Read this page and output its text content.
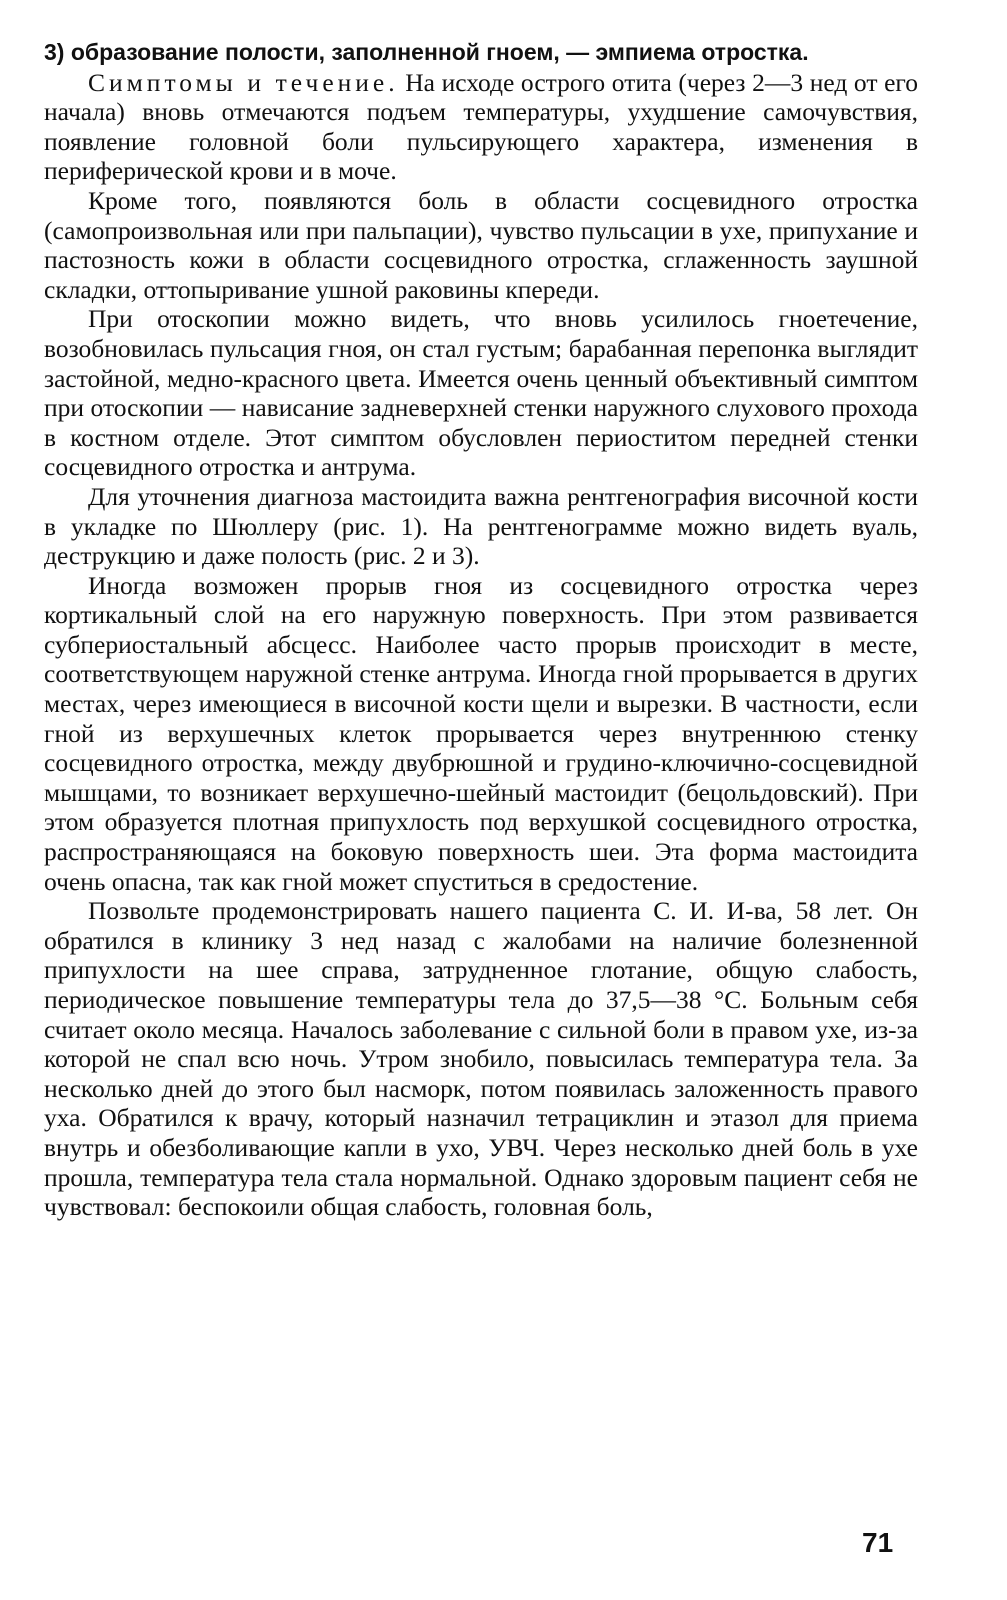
3) образование полости, заполненной гноем, — эмпиема отростка.

Симптомы и течение. На исходе острого отита (через 2—3 нед от его начала) вновь отмечаются подъем температуры, ухудшение самочувствия, появление головной боли пульсирующего характера, изменения в периферической крови и в моче.

Кроме того, появляются боль в области сосцевидного отростка (самопроизвольная или при пальпации), чувство пульсации в ухе, припухание и пастозность кожи в области сосцевидного отростка, сглаженность заушной складки, оттопыривание ушной раковины кпереди.

При отоскопии можно видеть, что вновь усилилось гноетечение, возобновилась пульсация гноя, он стал густым; барабанная перепонка выглядит застойной, медно-красного цвета. Имеется очень ценный объективный симптом при отоскопии — нависание задневерхней стенки наружного слухового прохода в костном отделе. Этот симптом обусловлен периоститом передней стенки сосцевидного отростка и антрума.

Для уточнения диагноза мастоидита важна рентгенография височной кости в укладке по Шюллеру (рис. 1). На рентгенограмме можно видеть вуаль, деструкцию и даже полость (рис. 2 и 3).

Иногда возможен прорыв гноя из сосцевидного отростка через кортикальный слой на его наружную поверхность. При этом развивается субпериостальный абсцесс. Наиболее часто прорыв происходит в месте, соответствующем наружной стенке антрума. Иногда гной прорывается в других местах, через имеющиеся в височной кости щели и вырезки. В частности, если гной из верхушечных клеток прорывается через внутреннюю стенку сосцевидного отростка, между двубрюшной и грудино-ключично-сосцевидной мышцами, то возникает верхушечно-шейный мастоидит (бецольдовский). При этом образуется плотная припухлость под верхушкой сосцевидного отростка, распространяющаяся на боковую поверхность шеи. Эта форма мастоидита очень опасна, так как гной может спуститься в средостение.

Позвольте продемонстрировать нашего пациента С. И. И-ва, 58 лет. Он обратился в клинику 3 нед назад с жалобами на наличие болезненной припухлости на шее справа, затрудненное глотание, общую слабость, периодическое повышение температуры тела до 37,5—38 °С. Больным себя считает около месяца. Началось заболевание с сильной боли в правом ухе, из-за которой не спал всю ночь. Утром знобило, повысилась температура тела. За несколько дней до этого был насморк, потом появилась заложенность правого уха. Обратился к врачу, который назначил тетрациклин и этазол для приема внутрь и обезболивающие капли в ухо, УВЧ. Через несколько дней боль в ухе прошла, температура тела стала нормальной. Однако здоровым пациент себя не чувствовал: беспокоили общая слабость, головная боль,

71
